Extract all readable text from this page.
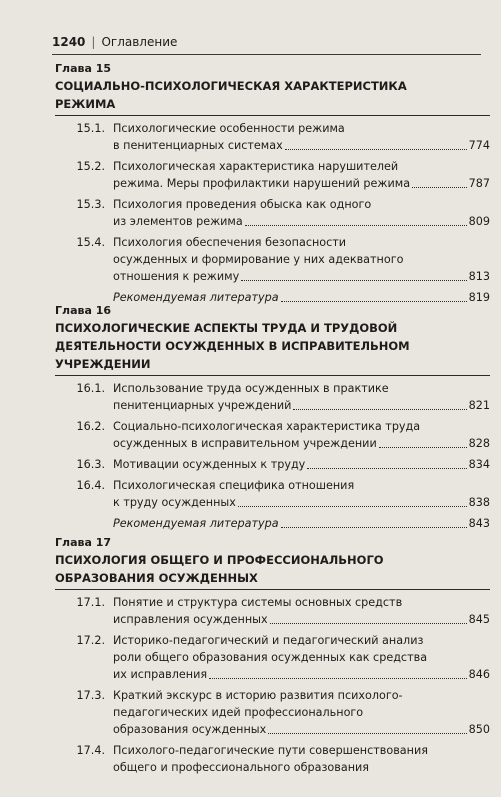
1240 | Оглавление
Глава 15
СОЦИАЛЬНО-ПСИХОЛОГИЧЕСКАЯ ХАРАКТЕРИСТИКА
РЕЖИМА
15.1. Психологические особенности режима
в пенитенциарных системах	774
15.2. Психологическая характеристика нарушителей
режима. Меры профилактики нарушений режима	787
15.3. Психология проведения обыска как одного
из элементов режима	809
15.4. Психология обеспечения безопасности
осужденных и формирование у них адекватного
отношения к режиму	813
Рекомендуемая литература	819
Глава 16
ПСИХОЛОГИЧЕСКИЕ АСПЕКТЫ ТРУДА И ТРУДОВОЙ
ДЕЯТЕЛЬНОСТИ ОСУЖДЕННЫХ В ИСПРАВИТЕЛЬНОМ
УЧРЕЖДЕНИИ
16.1. Использование труда осужденных в практике
пенитенциарных учреждений	821
16.2. Социально-психологическая характеристика труда
осужденных в исправительном учреждении	828
16.3. Мотивации осужденных к труду	834
16.4. Психологическая специфика отношения
к труду осужденных	838
Рекомендуемая литература	843
Глава 17
ПСИХОЛОГИЯ ОБЩЕГО И ПРОФЕССИОНАЛЬНОГО
ОБРАЗОВАНИЯ ОСУЖДЕННЫХ
17.1. Понятие и структура системы основных средств
исправления осужденных	845
17.2. Историко-педагогический и педагогический анализ
роли общего образования осужденных как средства
их исправления	846
17.3. Краткий экскурс в историю развития психолого-
педагогических идей профессионального
образования осужденных	850
17.4. Психолого-педагогические пути совершенствования
общего и профессионального образования
